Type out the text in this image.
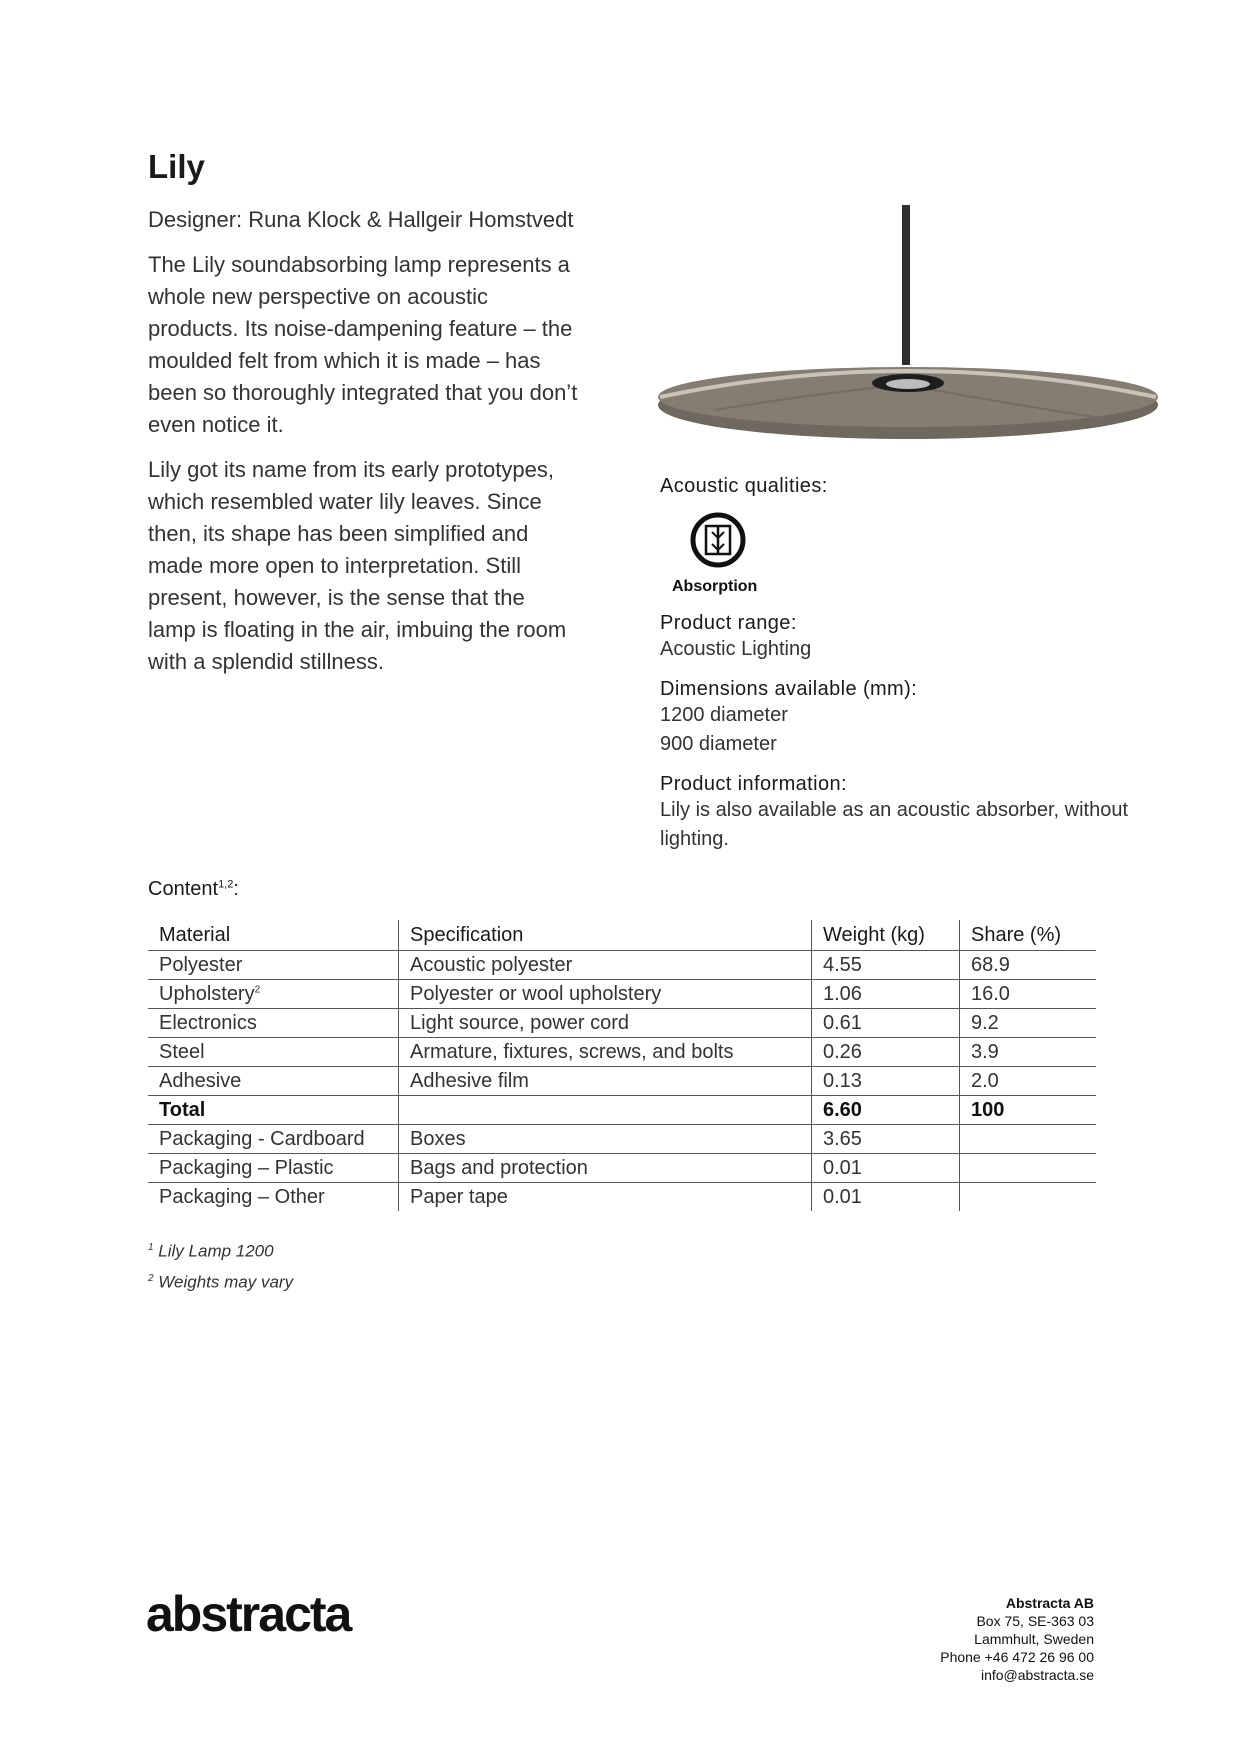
Lily

Designer: Runa Klock & Hallgeir Homstvedt

The Lily soundabsorbing lamp represents a whole new perspective on acoustic products. Its noise-dampening feature – the moulded felt from which it is made – has been so thoroughly integrated that you don’t even notice it.

Lily got its name from its early prototypes, which resembled water lily leaves. Since then, its shape has been simplified and made more open to interpretation. Still present, however, is the sense that the lamp is floating in the air, imbuing the room with a splendid stillness.

Acoustic qualities:
Absorption
Product range:
Acoustic Lighting
Dimensions available (mm):
1200 diameter
900 diameter
Product information:
Lily is also available as an acoustic absorber, without lighting.
Content$^{1,2}$:
Material	Specification	Weight (kg)	Share (%)
Polyester	Acoustic polyester	4.55	68.9
Upholstery$^2$	Polyester or wool upholstery	1.06	16.0
Electronics	Light source, power cord	0.61	9.2
Steel	Armature, fixtures, screws, and bolts	0.26	3.9
Adhesive	Adhesive film	0.13	2.0
Total		6.60	100
Packaging - Cardboard	Boxes	3.65	
Packaging – Plastic	Bags and protection	0.01	
Packaging – Other	Paper tape	0.01	
$^1$ Lily Lamp 1200
$^2$ Weights may vary
abstracta	Abstracta AB
Box 75, SE-363 03
Lammhult, Sweden
Phone +46 472 26 96 00
info@abstracta.se
